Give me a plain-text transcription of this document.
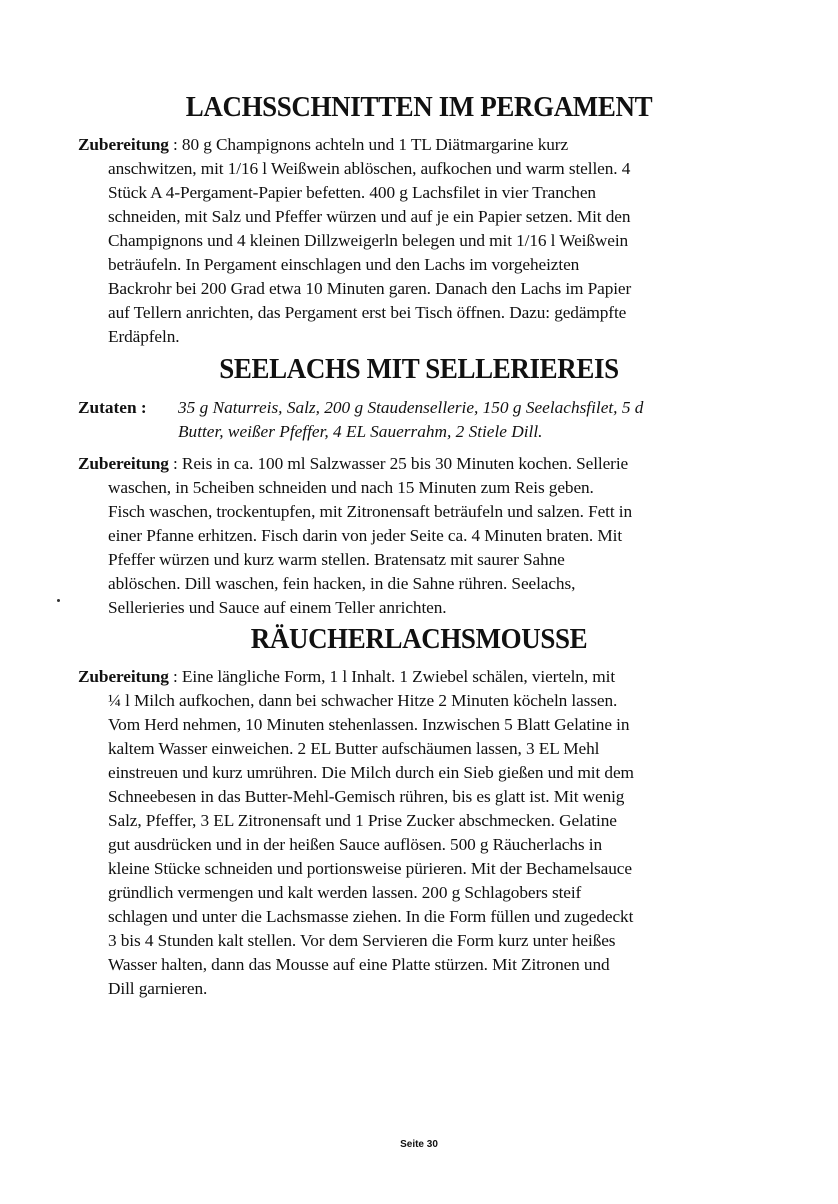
LACHSSCHNITTEN IM PERGAMENT
Zubereitung : 80 g Champignons achteln und 1 TL Diätmargarine kurz
anschwitzen, mit 1/16 l Weißwein ablöschen, aufkochen und warm stellen. 4
Stück A 4-Pergament-Papier befetten. 400 g Lachsfilet in vier Tranchen
schneiden, mit Salz und Pfeffer würzen und auf je ein Papier setzen. Mit den
Champignons und 4 kleinen Dillzweigerln belegen und mit 1/16 l Weißwein
beträufeln. In Pergament einschlagen und den Lachs im vorgeheizten
Backrohr bei 200 Grad etwa 10 Minuten garen. Danach den Lachs im Papier
auf Tellern anrichten, das Pergament erst bei Tisch öffnen. Dazu: gedämpfte
Erdäpfeln.
SEELACHS MIT SELLERIEREIS
Zutaten : 35 g Naturreis, Salz, 200 g Staudensellerie, 150 g Seelachsfilet, 5 d
Butter, weißer Pfeffer, 4 EL Sauerrahm, 2 Stiele Dill.
Zubereitung : Reis in ca. 100 ml Salzwasser 25 bis 30 Minuten kochen. Sellerie
waschen, in 5cheiben schneiden und nach 15 Minuten zum Reis geben.
Fisch waschen, trockentupfen, mit Zitronensaft beträufeln und salzen. Fett in
einer Pfanne erhitzen. Fisch darin von jeder Seite ca. 4 Minuten braten. Mit
Pfeffer würzen und kurz warm stellen. Bratensatz mit saurer Sahne
ablöschen. Dill waschen, fein hacken, in die Sahne rühren. Seelachs,
Sellerieries und Sauce auf einem Teller anrichten.
RÄUCHERLACHSMOUSSE
Zubereitung : Eine längliche Form, 1 l Inhalt. 1 Zwiebel schälen, vierteln, mit
¼ l Milch aufkochen, dann bei schwacher Hitze 2 Minuten köcheln lassen.
Vom Herd nehmen, 10 Minuten stehenlassen. Inzwischen 5 Blatt Gelatine in
kaltem Wasser einweichen. 2 EL Butter aufschäumen lassen, 3 EL Mehl
einstreuen und kurz umrühren. Die Milch durch ein Sieb gießen und mit dem
Schneebesen in das Butter-Mehl-Gemisch rühren, bis es glatt ist. Mit wenig
Salz, Pfeffer, 3 EL Zitronensaft und 1 Prise Zucker abschmecken. Gelatine
gut ausdrücken und in der heißen Sauce auflösen. 500 g Räucherlachs in
kleine Stücke schneiden und portionsweise pürieren. Mit der Bechamelsauce
gründlich vermengen und kalt werden lassen. 200 g Schlagobers steif
schlagen und unter die Lachsmasse ziehen. In die Form füllen und zugedeckt
3 bis 4 Stunden kalt stellen. Vor dem Servieren die Form kurz unter heißes
Wasser halten, dann das Mousse auf eine Platte stürzen. Mit Zitronen und
Dill garnieren.
Seite 30
